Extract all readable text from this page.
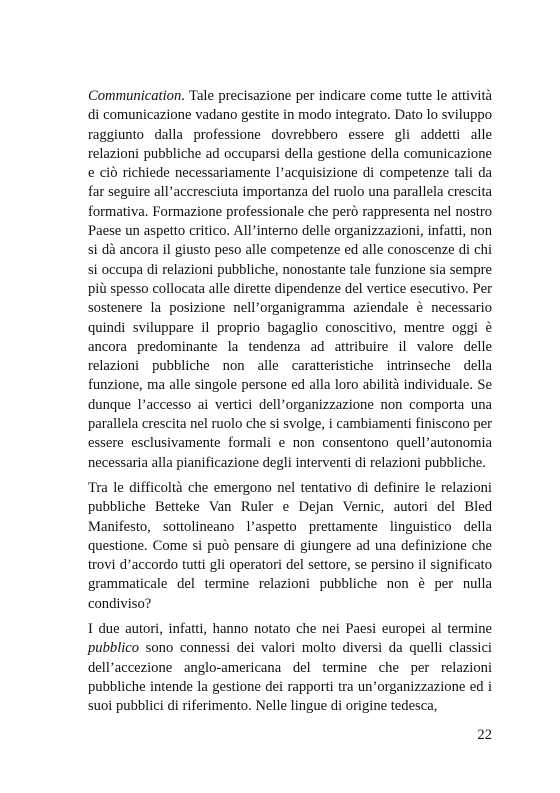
Communication. Tale precisazione per indicare come tutte le attività di comunicazione vadano gestite in modo integrato. Dato lo sviluppo raggiunto dalla professione dovrebbero essere gli addetti alle relazioni pubbliche ad occuparsi della gestione della comunicazione e ciò richiede necessariamente l’acquisizione di competenze tali da far seguire all’accresciuta importanza del ruolo una parallela crescita formativa. Formazione professionale che però rappresenta nel nostro Paese un aspetto critico. All’interno delle organizzazioni, infatti, non si dà ancora il giusto peso alle competenze ed alle conoscenze di chi si occupa di relazioni pubbliche, nonostante tale funzione sia sempre più spesso collocata alle dirette dipendenze del vertice esecutivo. Per sostenere la posizione nell’organigramma aziendale è necessario quindi sviluppare il proprio bagaglio conoscitivo, mentre oggi è ancora predominante la tendenza ad attribuire il valore delle relazioni pubbliche non alle caratteristiche intrinseche della funzione, ma alle singole persone ed alla loro abilità individuale. Se dunque l’accesso ai vertici dell’organizzazione non comporta una parallela crescita nel ruolo che si svolge, i cambiamenti finiscono per essere esclusivamente formali e non consentono quell’autonomia necessaria alla pianificazione degli interventi di relazioni pubbliche.

Tra le difficoltà che emergono nel tentativo di definire le relazioni pubbliche Betteke Van Ruler e Dejan Vernic, autori del Bled Manifesto, sottolineano l’aspetto prettamente linguistico della questione. Come si può pensare di giungere ad una definizione che trovi d’accordo tutti gli operatori del settore, se persino il significato grammaticale del termine relazioni pubbliche non è per nulla condiviso?

I due autori, infatti, hanno notato che nei Paesi europei al termine pubblico sono connessi dei valori molto diversi da quelli classici dell’accezione anglo-americana del termine che per relazioni pubbliche intende la gestione dei rapporti tra un’organizzazione ed i suoi pubblici di riferimento. Nelle lingue di origine tedesca,

22
